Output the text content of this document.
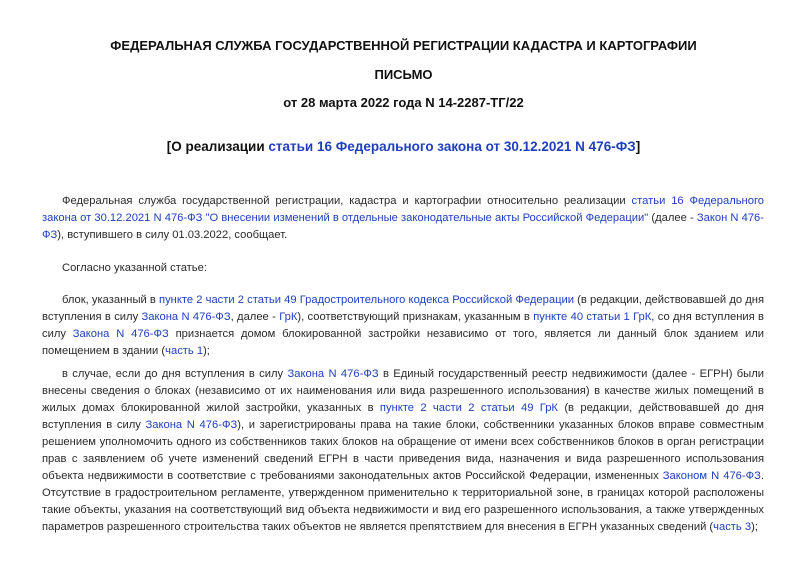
ФЕДЕРАЛЬНАЯ СЛУЖБА ГОСУДАРСТВЕННОЙ РЕГИСТРАЦИИ КАДАСТРА И КАРТОГРАФИИ
ПИСЬМО
от 28 марта 2022 года N 14-2287-ТГ/22
[О реализации статьи 16 Федерального закона от 30.12.2021 N 476-ФЗ]

Федеральная служба государственной регистрации, кадастра и картографии относительно реализации статьи 16 Федерального закона от 30.12.2021 N 476-ФЗ "О внесении изменений в отдельные законодательные акты Российской Федерации" (далее - Закон N 476-ФЗ), вступившего в силу 01.03.2022, сообщает.

Согласно указанной статье:

блок, указанный в пункте 2 части 2 статьи 49 Градостроительного кодекса Российской Федерации (в редакции, действовавшей до дня вступления в силу Закона N 476-ФЗ, далее - ГрК), соответствующий признакам, указанным в пункте 40 статьи 1 ГрК, со дня вступления в силу Закона N 476-ФЗ признается домом блокированной застройки независимо от того, является ли данный блок зданием или помещением в здании (часть 1);

в случае, если до дня вступления в силу Закона N 476-ФЗ в Единый государственный реестр недвижимости (далее - ЕГРН) были внесены сведения о блоках (независимо от их наименования или вида разрешенного использования) в качестве жилых помещений в жилых домах блокированной жилой застройки, указанных в пункте 2 части 2 статьи 49 ГрК (в редакции, действовавшей до дня вступления в силу Закона N 476-ФЗ), и зарегистрированы права на такие блоки, собственники указанных блоков вправе совместным решением уполномочить одного из собственников таких блоков на обращение от имени всех собственников блоков в орган регистрации прав с заявлением об учете изменений сведений ЕГРН в части приведения вида, назначения и вида разрешенного использования объекта недвижимости в соответствие с требованиями законодательных актов Российской Федерации, измененных Законом N 476-ФЗ. Отсутствие в градостроительном регламенте, утвержденном применительно к территориальной зоне, в границах которой расположены такие объекты, указания на соответствующий вид объекта недвижимости и вид его разрешенного использования, а также утвержденных параметров разрешенного строительства таких объектов не является препятствием для внесения в ЕГРН указанных сведений (часть 3);
